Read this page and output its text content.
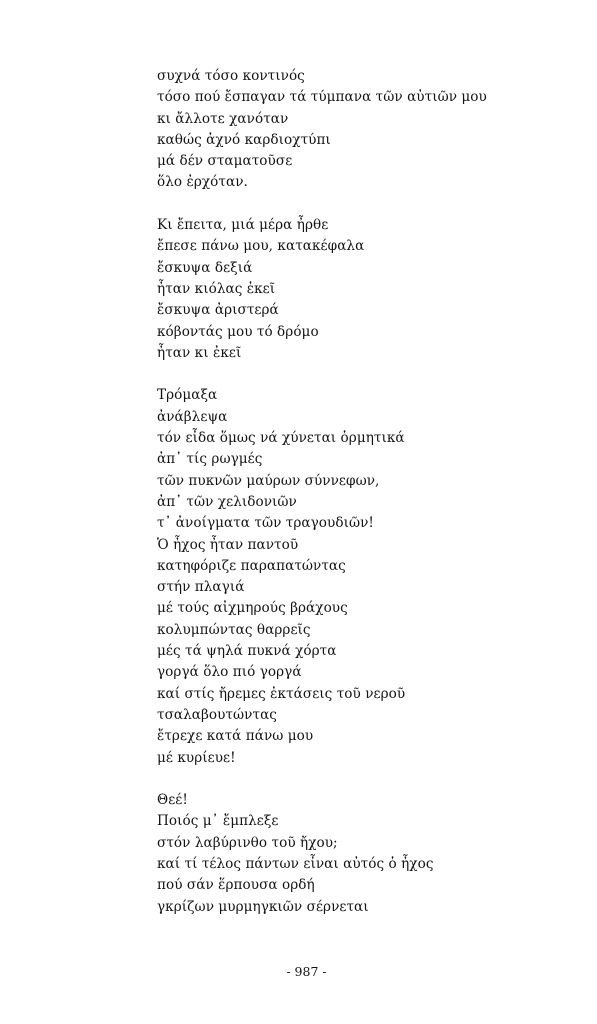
συχνά τόσο κοντινός
τόσο πού ἔσπαγαν τά τύμπανα τῶν αὐτιῶν μου
κι ἄλλοτε χανόταν
καθώς ἀχνό καρδιοχτύπι
μά δέν σταματοῦσε
ὅλο ἐρχόταν.
Κι ἔπειτα, μιά μέρα ἦρθε
ἔπεσε πάνω μου, κατακέφαλα
ἔσκυψα δεξιά
ἦταν κιόλας ἐκεῖ
ἔσκυψα ἀριστερά
κόβοντάς μου τό δρόμο
ἦταν κι ἐκεῖ
Τρόμαξα
ἀνάβλεψα
τόν εἶδα ὅμως νά χύνεται ὁρμητικά
ἀπ᾽ τίς ρωγμές
τῶν πυκνῶν μαύρων σύννεφων,
ἀπ᾽ τῶν χελιδονιῶν
τ᾽ ἀνοίγματα τῶν τραγουδιῶν!
Ὁ ἦχος ἦταν παντοῦ
κατηφόριζε παραπατώντας
στήν πλαγιά
μέ τούς αἰχμηρούς βράχους
κολυμπώντας θαρρεῖς
μές τά ψηλά πυκνά χόρτα
γοργά ὅλο πιό γοργά
καί στίς ἤρεμες ἐκτάσεις τοῦ νεροῦ
τσαλαβουτώντας
ἔτρεχε κατά πάνω μου
μέ κυρίευε!
Θεέ!
Ποιός μ᾽ ἔμπλεξε
στόν λαβύρινθο τοῦ ἤχου;
καί τί τέλος πάντων εἶναι αὐτός ὁ ἦχος
πού σάν ἕρπουσα ορδή
γκρίζων μυρμηγκιῶν σέρνεται
- 987 -
